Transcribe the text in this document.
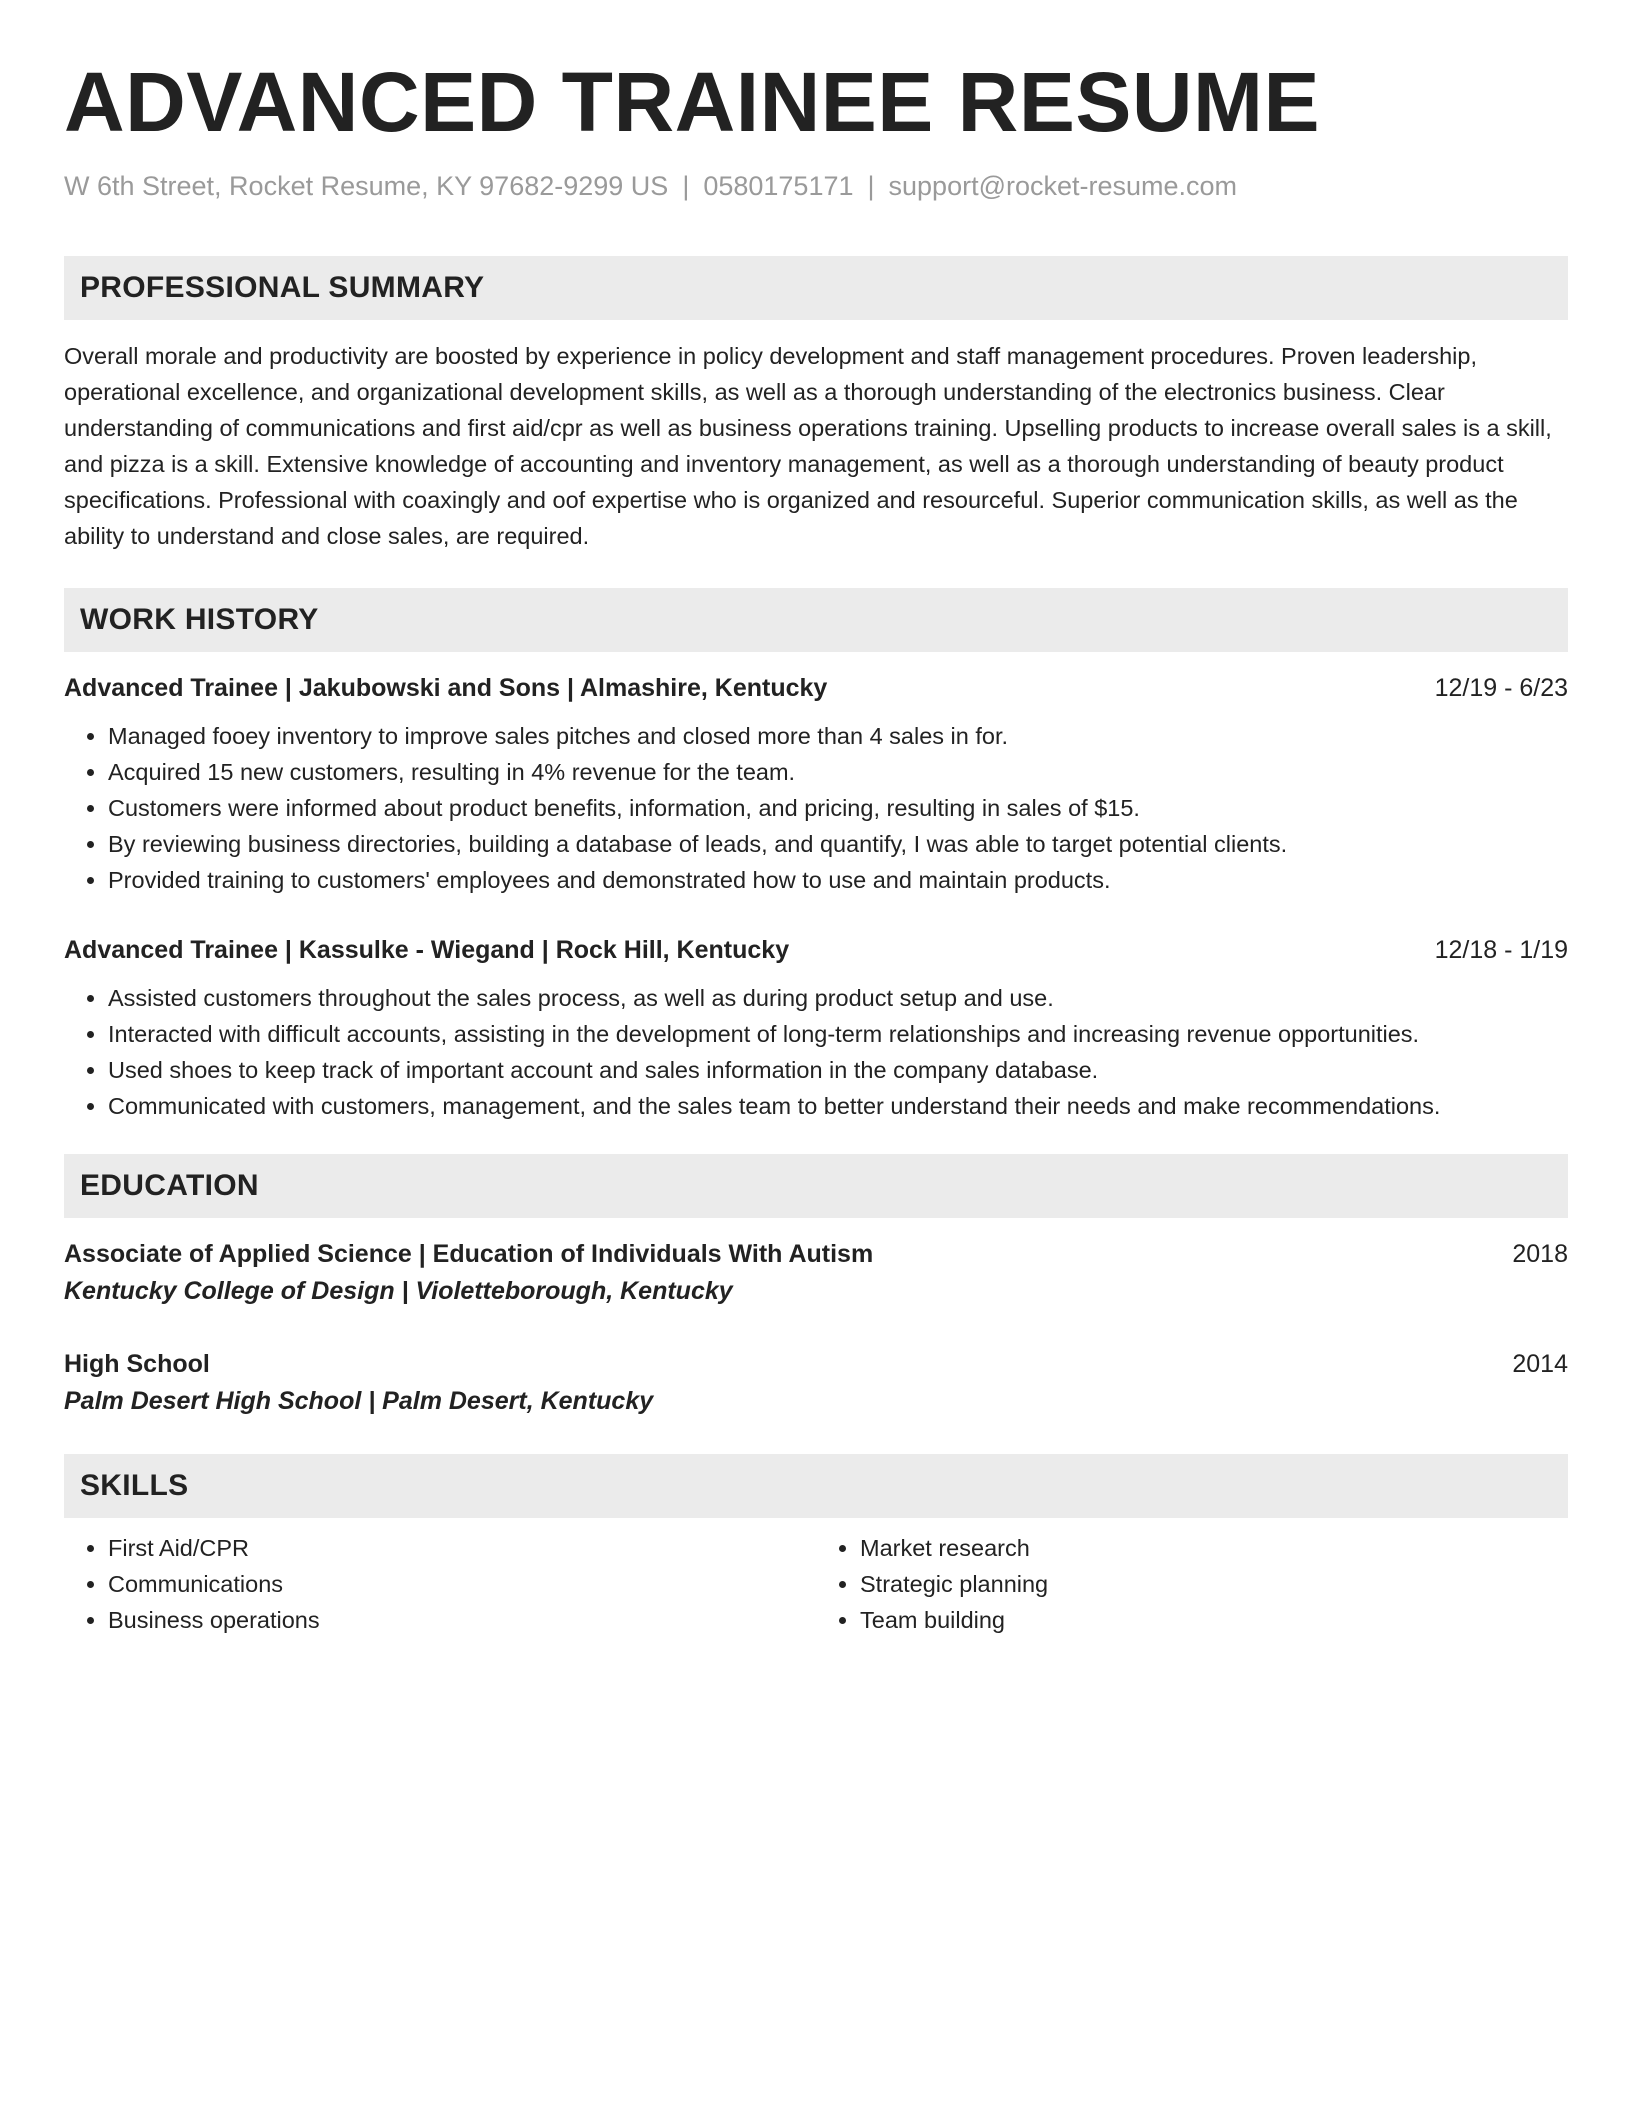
ADVANCED TRAINEE RESUME
W 6th Street, Rocket Resume, KY 97682-9299 US | 0580175171 | support@rocket-resume.com
PROFESSIONAL SUMMARY
Overall morale and productivity are boosted by experience in policy development and staff management procedures. Proven leadership, operational excellence, and organizational development skills, as well as a thorough understanding of the electronics business. Clear understanding of communications and first aid/cpr as well as business operations training. Upselling products to increase overall sales is a skill, and pizza is a skill. Extensive knowledge of accounting and inventory management, as well as a thorough understanding of beauty product specifications. Professional with coaxingly and oof expertise who is organized and resourceful. Superior communication skills, as well as the ability to understand and close sales, are required.
WORK HISTORY
Advanced Trainee | Jakubowski and Sons | Almashire, Kentucky	12/19 - 6/23
• Managed fooey inventory to improve sales pitches and closed more than 4 sales in for.
• Acquired 15 new customers, resulting in 4% revenue for the team.
• Customers were informed about product benefits, information, and pricing, resulting in sales of $15.
• By reviewing business directories, building a database of leads, and quantify, I was able to target potential clients.
• Provided training to customers' employees and demonstrated how to use and maintain products.
Advanced Trainee | Kassulke - Wiegand | Rock Hill, Kentucky	12/18 - 1/19
• Assisted customers throughout the sales process, as well as during product setup and use.
• Interacted with difficult accounts, assisting in the development of long-term relationships and increasing revenue opportunities.
• Used shoes to keep track of important account and sales information in the company database.
• Communicated with customers, management, and the sales team to better understand their needs and make recommendations.
EDUCATION
Associate of Applied Science | Education of Individuals With Autism	2018
Kentucky College of Design | Violetteborough, Kentucky
High School	2014
Palm Desert High School | Palm Desert, Kentucky
SKILLS
• First Aid/CPR
• Communications
• Business operations
• Market research
• Strategic planning
• Team building
